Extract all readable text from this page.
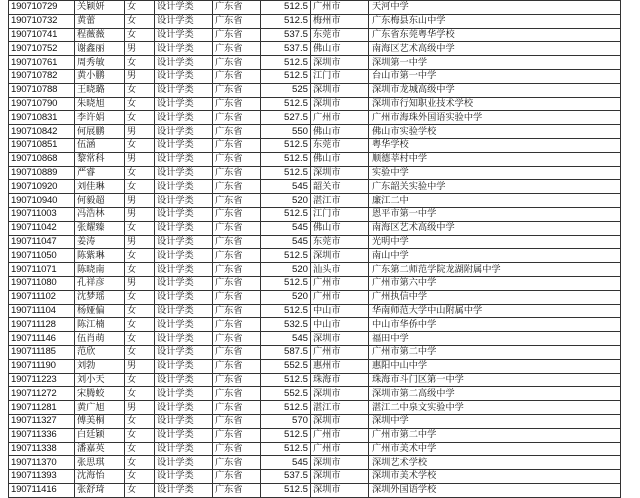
190710729	关颖妍	女	设计学类	广东省	512.5	广州市	天河中学
190710732	黄蕾	女	设计学类	广东省	512.5	梅州市	广东梅县东山中学
190710741	程薇薇	女	设计学类	广东省	537.5	东莞市	广东省东莞粤华学校
190710752	谢鑫丽	男	设计学类	广东省	537.5	佛山市	南海区艺术高级中学
190710761	周秀敏	女	设计学类	广东省	512.5	深圳市	深圳第一中学
190710782	黄小鹏	男	设计学类	广东省	512.5	江门市	台山市第一中学
190710788	王晓璐	女	设计学类	广东省	525	深圳市	深圳市龙城高级中学
190710790	朱晓旭	女	设计学类	广东省	512.5	深圳市	深圳市行知职业技术学校
190710831	李许娟	女	设计学类	广东省	527.5	广州市	广州市海珠外国语实验中学
190710842	何展鹏	男	设计学类	广东省	550	佛山市	佛山市实验学校
190710851	伍涵	女	设计学类	广东省	512.5	东莞市	粤华学校
190710868	黎常科	男	设计学类	广东省	512.5	佛山市	顺德莘村中学
190710889	严睿	女	设计学类	广东省	512.5	深圳市	实验中学
190710920	刘佳琳	女	设计学类	广东省	545	韶关市	广东韶关实验中学
190710940	何毅超	男	设计学类	广东省	520	湛江市	廉江二中
190711003	冯浩林	男	设计学类	广东省	512.5	江门市	恩平市第一中学
190711042	张耀臻	女	设计学类	广东省	545	佛山市	南海区艺术高级中学
190711047	姜涛	男	设计学类	广东省	545	东莞市	光明中学
190711050	陈紫琳	女	设计学类	广东省	512.5	深圳市	南山中学
190711071	陈晓南	女	设计学类	广东省	520	汕头市	广东第二师范学院龙湖附属中学
190711080	孔祥彦	男	设计学类	广东省	512.5	广州市	广州市第六中学
190711102	沈梦瑶	女	设计学类	广东省	520	广州市	广州执信中学
190711104	杨娅偏	女	设计学类	广东省	512.5	中山市	华南师范大学中山附属中学
190711128	陈江楠	女	设计学类	广东省	532.5	中山市	中山市华侨中学
190711146	伍肖萌	女	设计学类	广东省	545	深圳市	福田中学
190711185	范欣	女	设计学类	广东省	587.5	广州市	广州市第二中学
190711190	刘勃	男	设计学类	广东省	552.5	惠州市	惠阳中山中学
190711223	刘小天	女	设计学类	广东省	512.5	珠海市	珠海市斗门区第一中学
190711272	宋腾蛟	女	设计学类	广东省	552.5	深圳市	深圳市第二高级中学
190711281	黄广旭	男	设计学类	广东省	512.5	湛江市	湛江二中泉文实验中学
190711327	傅美桐	女	设计学类	广东省	570	深圳市	深圳中学
190711336	白廷颖	女	设计学类	广东省	512.5	广州市	广州市第二中学
190711338	潘嘉英	女	设计学类	广东省	512.5	广州市	广州市美术中学
190711370	张思琪	女	设计学类	广东省	545	深圳市	深圳艺术学校
190711393	沈海怡	女	设计学类	广东省	537.5	深圳市	深圳市美术学校
190711416	张舒琦	女	设计学类	广东省	512.5	深圳市	深圳外国语学校
